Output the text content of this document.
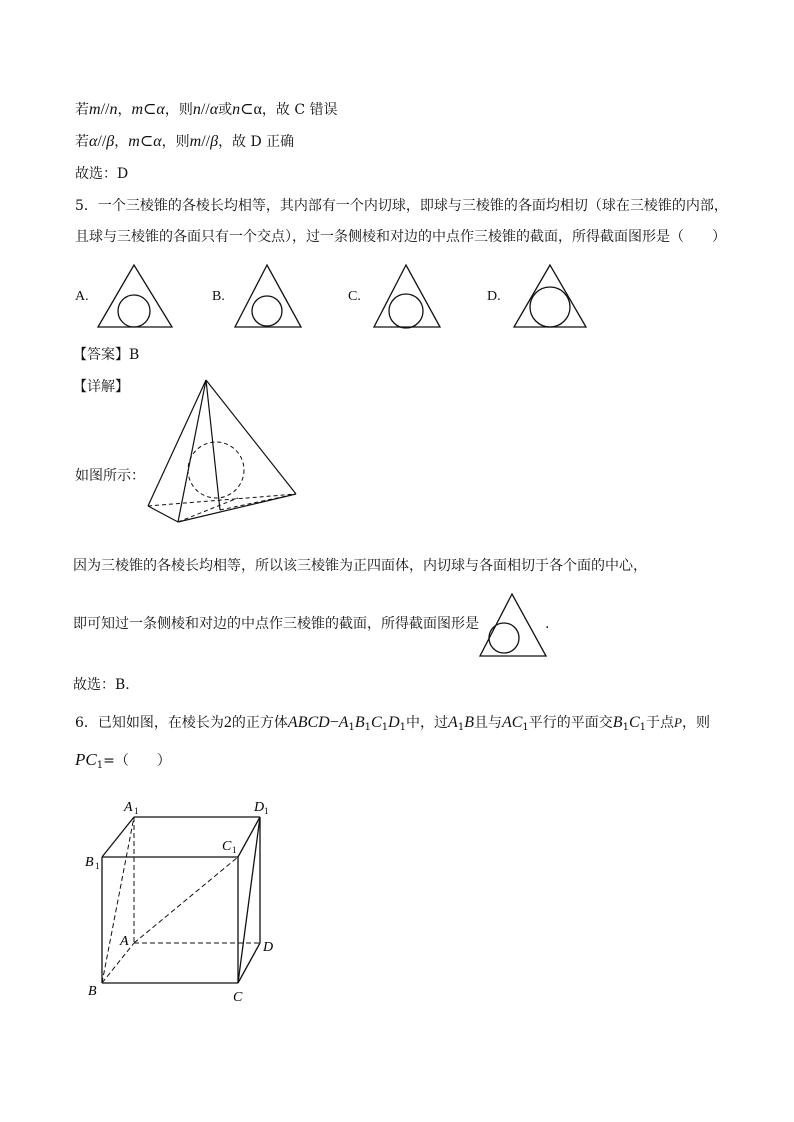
若m//n，m⊂α，则n//α或n⊂α，故 C 错误
若α//β，m⊂α，则m//β，故 D 正确
故选：D
5．一个三棱锥的各棱长均相等，其内部有一个内切球，即球与三棱锥的各面均相切（球在三棱锥的内部，
且球与三棱锥的各面只有一个交点），过一条侧棱和对边的中点作三棱锥的截面，所得截面图形是（　　）
A.	B.	C.	D.
【答案】B
【详解】
如图所示：
因为三棱锥的各棱长均相等，所以该三棱锥为正四面体，内切球与各面相切于各个面的中心，
即可知过一条侧棱和对边的中点作三棱锥的截面，所得截面图形是	.
故选：B.
6．已知如图，在棱长为2的正方体$ABCD-A_1B_1C_1D_1$中，过$A_1B$且与$AC_1$平行的平面交$B_1C_1$于点P，则
$PC_1=$（　　）
A 1	D 1
C 1
B 1
A	D
B	C
